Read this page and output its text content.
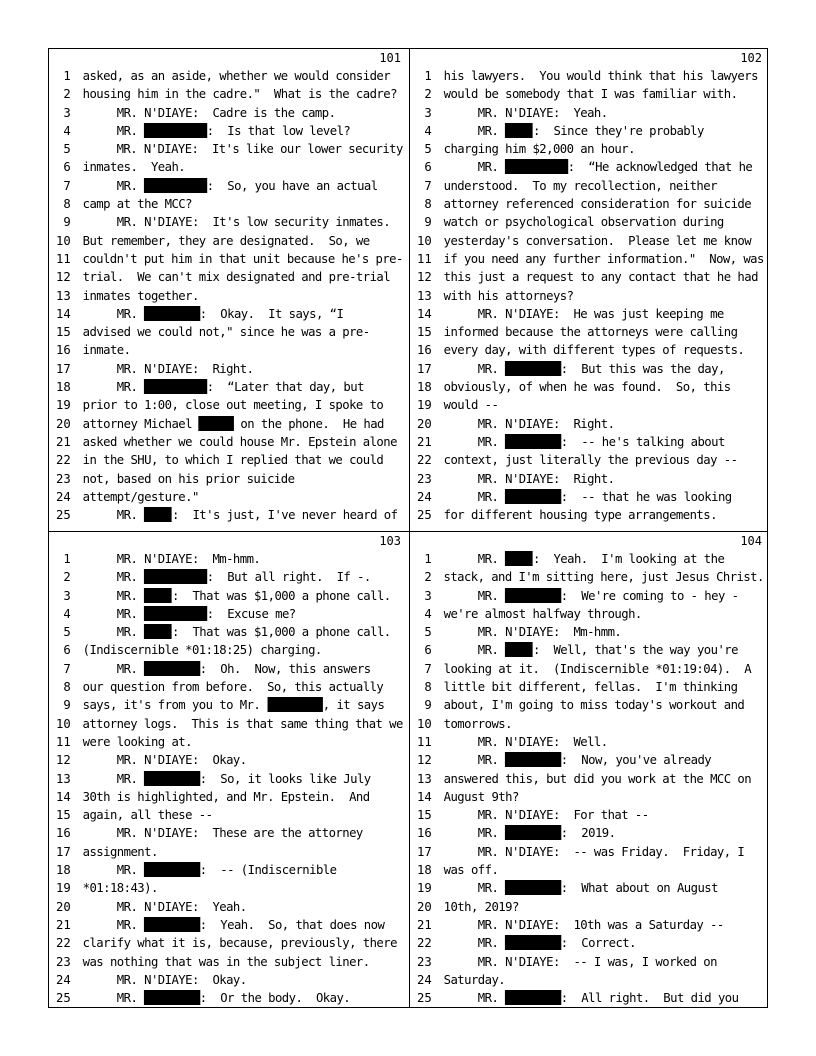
101
1 asked, as an aside, whether we would consider
2 housing him in the cadre."  What is the cadre?
3 MR. N'DIAYE:  Cadre is the camp.
4 MR.	:  Is that low level?
5 MR. N'DIAYE:  It's like our lower security
6 inmates.  Yeah.
7 MR.	:  So, you have an actual
8 camp at the MCC?
9 MR. N'DIAYE:  It's low security inmates.
10 But remember, they are designated.  So, we
11 couldn't put him in that unit because he's pre-
12 trial.  We can't mix designated and pre-trial
13 inmates together.
14 MR.	:  Okay.  It says, “I
15 advised we could not," since he was a pre-
16 inmate.
17 MR. N'DIAYE:  Right.
18 MR.	:  “Later that day, but
19 prior to 1:00, close out meeting, I spoke to
20 attorney Michael	on the phone.  He had
21 asked whether we could house Mr. Epstein alone
22 in the SHU, to which I replied that we could
23 not, based on his prior suicide
24 attempt/gesture."
25 MR. :  It's just, I've never heard of
102
1 his lawyers.  You would think that his lawyers
2 would be somebody that I was familiar with.
3 MR. N'DIAYE:  Yeah.
4 MR. :  Since they're probably
5 charging him $2,000 an hour.
6 MR.	:  “He acknowledged that he
7 understood.  To my recollection, neither
8 attorney referenced consideration for suicide
9 watch or psychological observation during
10 yesterday's conversation.  Please let me know
11 if you need any further information."  Now, was
12 this just a request to any contact that he had
13 with his attorneys?
14 MR. N'DIAYE:  He was just keeping me
15 informed because the attorneys were calling
16 every day, with different types of requests.
17 MR.	:  But this was the day,
18 obviously, of when he was found.  So, this
19 would --
20 MR. N'DIAYE:  Right.
21 MR.	:  -- he's talking about
22 context, just literally the previous day --
23 MR. N'DIAYE:  Right.
24 MR.	:  -- that he was looking
25 for different housing type arrangements.
103
1 MR. N'DIAYE:  Mm-hmm.
2 MR.	:  But all right.  If -.
3 MR. :  That was $1,000 a phone call.
4 MR.	:  Excuse me?
5 MR. :  That was $1,000 a phone call.
6 (Indiscernible *01:18:25) charging.
7 MR.	:  Oh.  Now, this answers
8 our question from before.  So, this actually
9 says, it's from you to Mr.	, it says
10 attorney logs.  This is that same thing that we
11 were looking at.
12 MR. N'DIAYE:  Okay.
13 MR.	:  So, it looks like July
14 30th is highlighted, and Mr. Epstein.  And
15 again, all these --
16 MR. N'DIAYE:  These are the attorney
17 assignment.
18 MR.	:  -- (Indiscernible
19 *01:18:43).
20 MR. N'DIAYE:  Yeah.
21 MR.	:  Yeah.  So, that does now
22 clarify what it is, because, previously, there
23 was nothing that was in the subject liner.
24 MR. N'DIAYE:  Okay.
25 MR.	:  Or the body.  Okay.
104
1 MR. :  Yeah.  I'm looking at the
2 stack, and I'm sitting here, just Jesus Christ.
3 MR.	:  We're coming to - hey -
4 we're almost halfway through.
5 MR. N'DIAYE:  Mm-hmm.
6 MR. :  Well, that's the way you're
7 looking at it.  (Indiscernible *01:19:04).  A
8 little bit different, fellas.  I'm thinking
9 about, I'm going to miss today's workout and
10 tomorrows.
11 MR. N'DIAYE:  Well.
12 MR.	:  Now, you've already
13 answered this, but did you work at the MCC on
14 August 9th?
15 MR. N'DIAYE:  For that --
16 MR.	:  2019.
17 MR. N'DIAYE:  -- was Friday.  Friday, I
18 was off.
19 MR.	:  What about on August
20 10th, 2019?
21 MR. N'DIAYE:  10th was a Saturday --
22 MR.	:  Correct.
23 MR. N'DIAYE:  -- I was, I worked on
24 Saturday.
25 MR.	:  All right.  But did you
